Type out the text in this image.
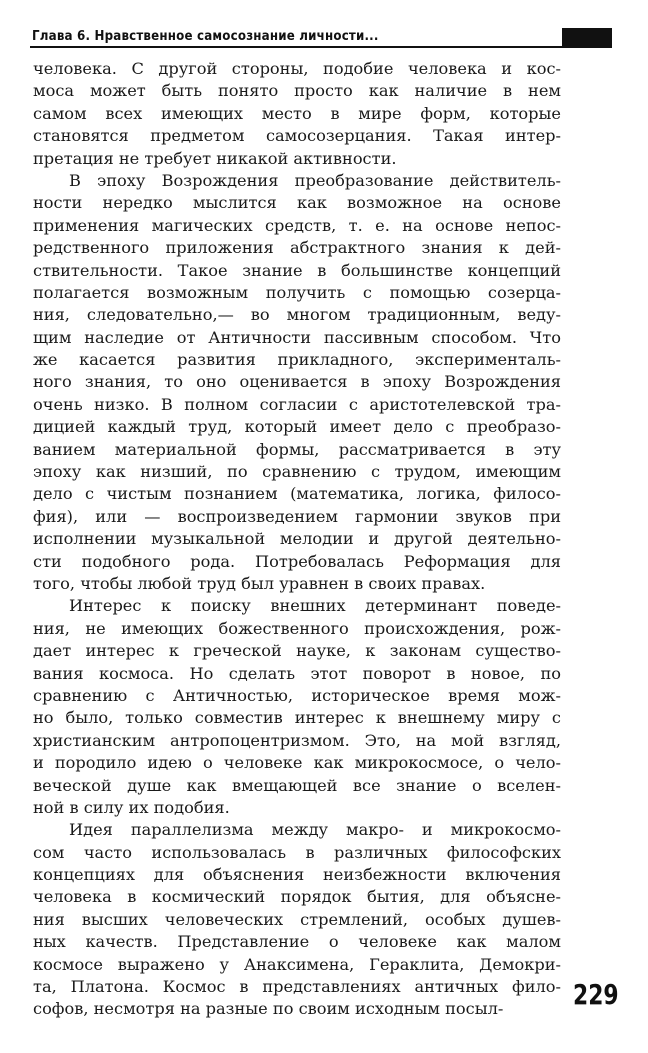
Глава 6. Нравственное самосознание личности...
человека. С другой стороны, подобие человека и кос-
моса может быть понято просто как наличие в нем
самом всех имеющих место в мире форм, которые
становятся предметом самосозерцания. Такая интер-
претация не требует никакой активности.
В эпоху Возрождения преобразование действитель-
ности нередко мыслится как возможное на основе
применения магических средств, т. е. на основе непос-
редственного приложения абстрактного знания к дей-
ствительности. Такое знание в большинстве концепций
полагается возможным получить с помощью созерца-
ния, следовательно,— во многом традиционным, веду-
щим наследие от Античности пассивным способом. Что
же касается развития прикладного, эксперименталь-
ного знания, то оно оценивается в эпоху Возрождения
очень низко. В полном согласии с аристотелевской тра-
дицией каждый труд, который имеет дело с преобразо-
ванием материальной формы, рассматривается в эту
эпоху как низший, по сравнению с трудом, имеющим
дело с чистым познанием (математика, логика, филосо-
фия), или — воспроизведением гармонии звуков при
исполнении музыкальной мелодии и другой деятельно-
сти подобного рода. Потребовалась Реформация для
того, чтобы любой труд был уравнен в своих правах.
Интерес к поиску внешних детерминант поведе-
ния, не имеющих божественного происхождения, рож-
дает интерес к греческой науке, к законам существо-
вания космоса. Но сделать этот поворот в новое, по
сравнению с Античностью, историческое время мож-
но было, только совместив интерес к внешнему миру с
христианским антропоцентризмом. Это, на мой взгляд,
и породило идею о человеке как микрокосмосе, о чело-
веческой душе как вмещающей все знание о вселен-
ной в силу их подобия.
Идея параллелизма между макро- и микрокосмо-
сом часто использовалась в различных философских
концепциях для объяснения неизбежности включения
человека в космический порядок бытия, для объясне-
ния высших человеческих стремлений, особых душев-
ных качеств. Представление о человеке как малом
космосе выражено у Анаксимена, Гераклита, Демокри-
та, Платона. Космос в представлениях античных фило-
софов, несмотря на разные по своим исходным посыл-	229
